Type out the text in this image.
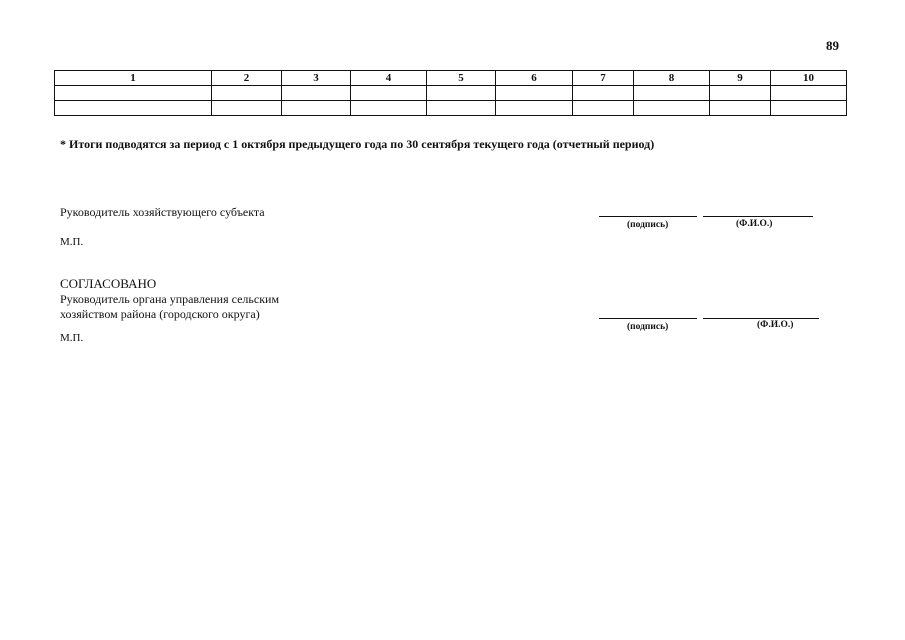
89
1	2	3	4	5	6	7	8	9	10

* Итоги подводятся за период с 1 октября предыдущего года по 30 сентября текущего года (отчетный период)
Руководитель хозяйствующего субъекта
М.П.
(подпись)	(Ф.И.О.)
СОГЛАСОВАНО
Руководитель органа управления сельским
хозяйством района (городского округа)
М.П.
(подпись)	(Ф.И.О.)
